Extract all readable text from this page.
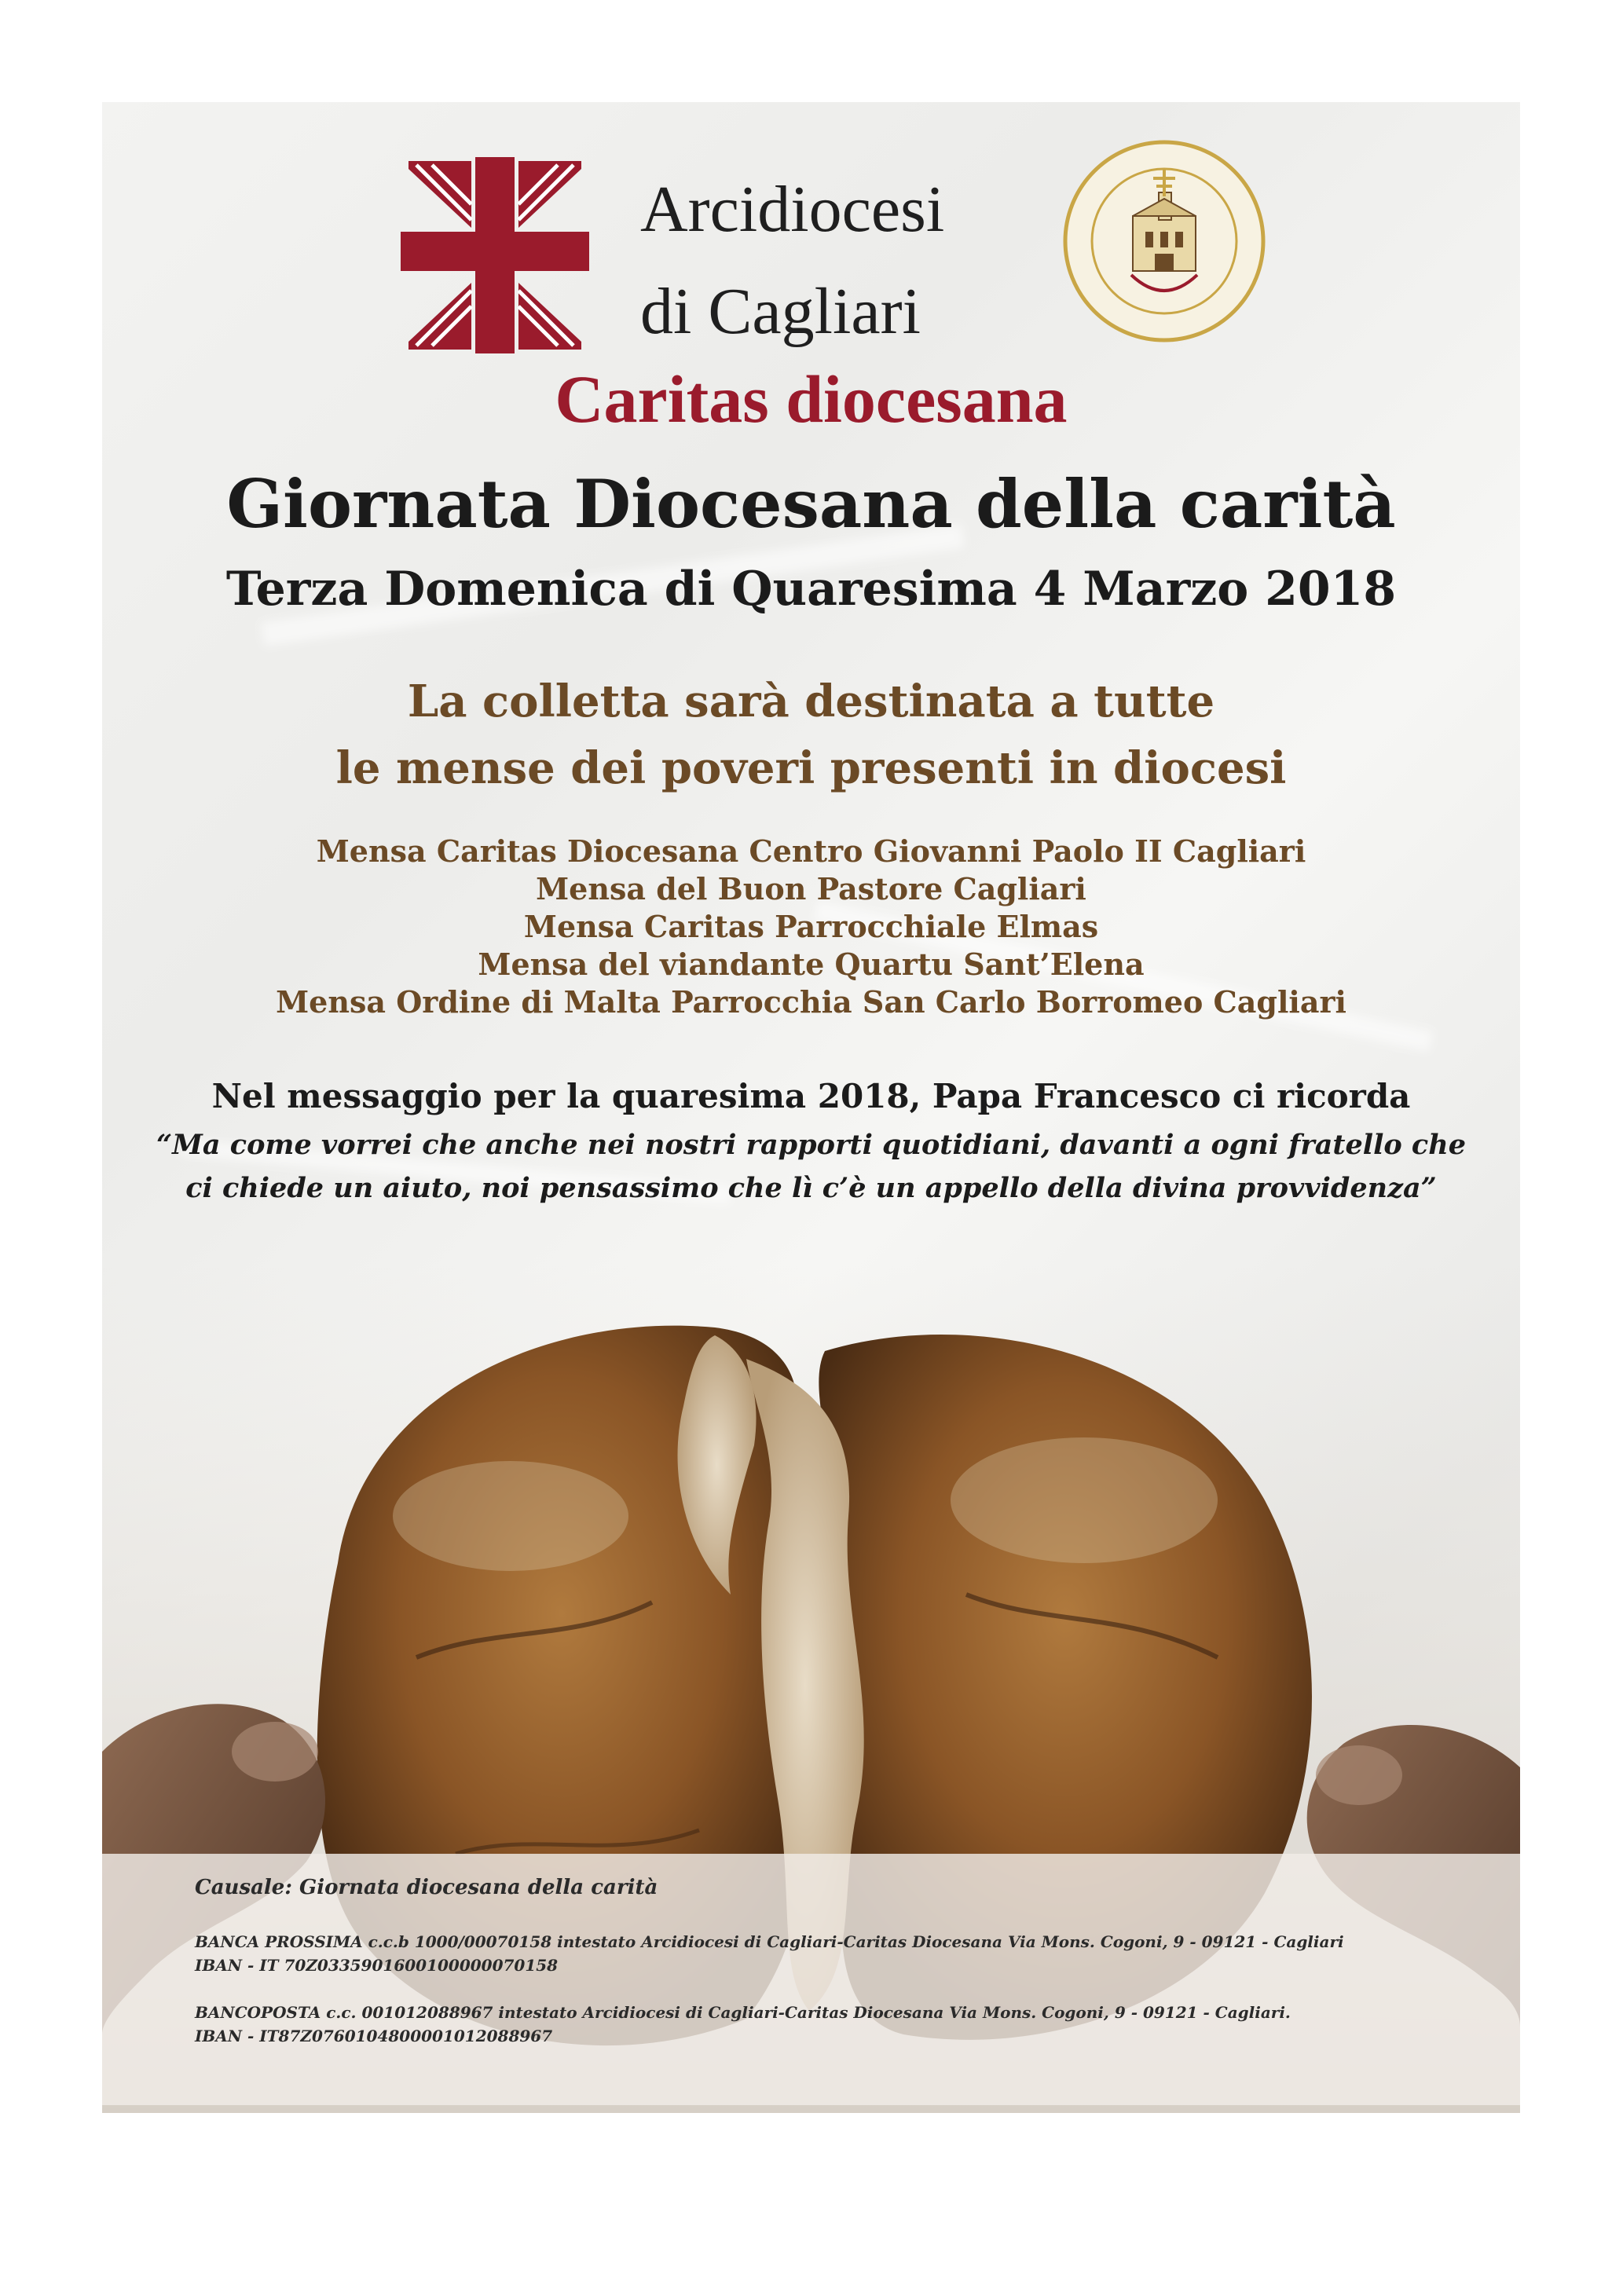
Arcidiocesi
di Cagliari
Caritas diocesana
Giornata Diocesana della carità
Terza Domenica di Quaresima 4 Marzo 2018
La colletta sarà destinata a tutte
le mense dei poveri presenti in diocesi
Mensa Caritas Diocesana Centro Giovanni Paolo II Cagliari
Mensa del Buon Pastore Cagliari
Mensa Caritas Parrocchiale Elmas
Mensa del viandante Quartu Sant’Elena
Mensa Ordine di Malta Parrocchia San Carlo Borromeo Cagliari
Nel messaggio per la quaresima 2018, Papa Francesco ci ricorda
“Ma come vorrei che anche nei nostri rapporti quotidiani, davanti a ogni fratello che
ci chiede un aiuto, noi pensassimo che lì c’è un appello della divina provvidenza”
Causale: Giornata diocesana della carità
BANCA PROSSIMA c.c.b 1000/00070158 intestato Arcidiocesi di Cagliari-Caritas Diocesana Via Mons. Cogoni, 9 - 09121 - Cagliari
IBAN - IT 70Z0335901600100000070158
BANCOPOSTA c.c. 001012088967 intestato Arcidiocesi di Cagliari-Caritas Diocesana Via Mons. Cogoni, 9 - 09121 - Cagliari.
IBAN - IT87Z0760104800001012088967
